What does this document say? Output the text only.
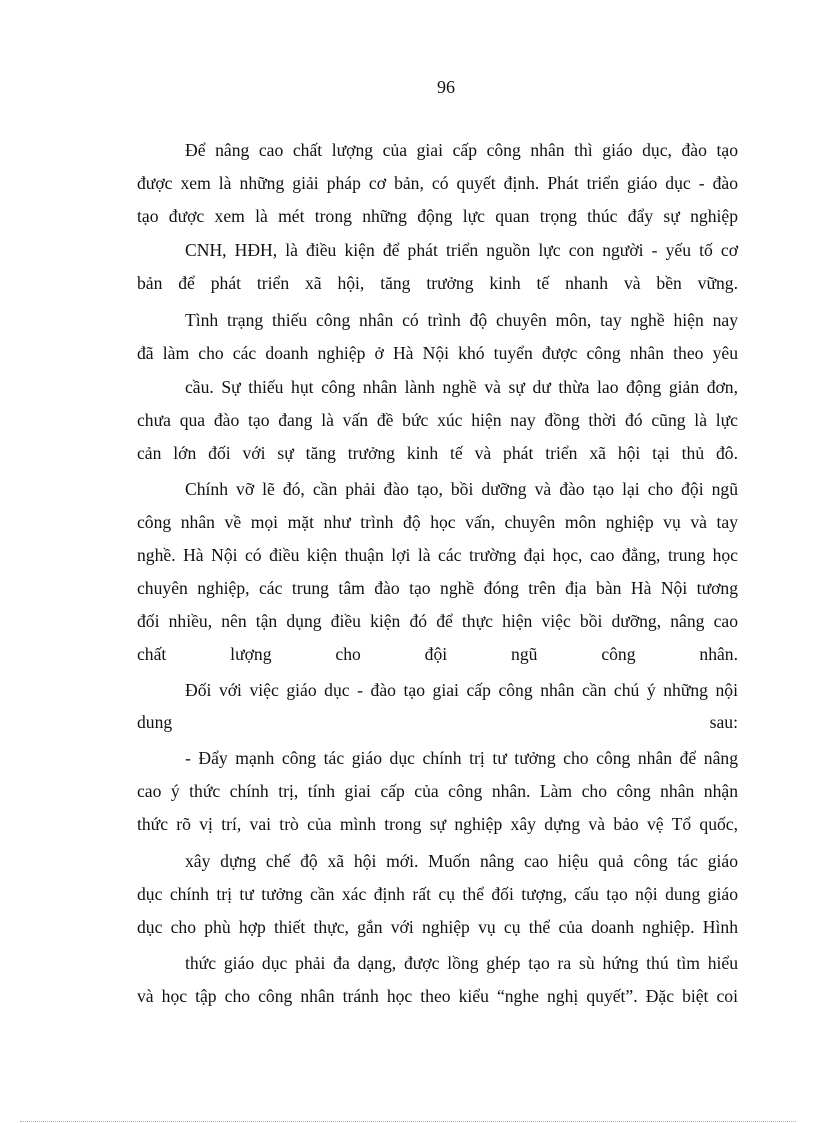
96
Để nâng cao chất lượng của giai cấp công nhân thì giáo dục, đào tạo
được xem là những giải pháp cơ bản, có quyết định. Phát triển giáo dục - đào
tạo được xem là mét trong những động lực quan trọng thúc đẩy sự nghiệp
CNH, HĐH, là điều kiện để phát triển nguồn lực con người - yếu tố cơ
bản để phát triển xã hội, tăng trưởng kinh tế nhanh và bền vững.
Tình trạng thiếu công nhân có trình độ chuyên môn, tay nghề hiện nay
đã làm cho các doanh nghiệp ở Hà Nội khó tuyển được công nhân theo yêu
cầu. Sự thiếu hụt công nhân lành nghề và sự dư thừa lao động giản đơn,
chưa qua đào tạo đang là vấn đề bức xúc hiện nay đồng thời đó cũng là lực
cản lớn đối với sự tăng trưởng kinh tế và phát triển xã hội tại thủ đô.
Chính vỡ lẽ đó, cần phải đào tạo, bồi dưỡng và đào tạo lại cho đội ngũ
công nhân về mọi mặt như trình độ học vấn, chuyên môn nghiệp vụ và tay
nghề. Hà Nội có điều kiện thuận lợi là các trường đại học, cao đẳng, trung học
chuyên nghiệp, các trung tâm đào tạo nghề đóng trên địa bàn Hà Nội tương
đối nhiều, nên tận dụng điều kiện đó để thực hiện việc bồi dưỡng, nâng cao
chất lượng cho đội ngũ công nhân.
Đối với việc giáo dục - đào tạo giai cấp công nhân cần chú ý những nội
dung	sau:
- Đẩy mạnh công tác giáo dục chính trị tư tưởng cho công nhân để nâng
cao ý thức chính trị, tính giai cấp của công nhân. Làm cho công nhân nhận
thức rõ vị trí, vai trò của mình trong sự nghiệp xây dựng và bảo vệ Tổ quốc,
xây dựng chế độ xã hội mới. Muốn nâng cao hiệu quả công tác giáo
dục chính trị tư tưởng cần xác định rất cụ thể đối tượng, cấu tạo nội dung giáo
dục cho phù hợp thiết thực, gắn với nghiệp vụ cụ thể của doanh nghiệp. Hình
thức giáo dục phải đa dạng, được lồng ghép tạo ra sù hứng thú tìm hiểu
và học tập cho công nhân tránh học theo kiểu “nghe nghị quyết”. Đặc biệt coi
